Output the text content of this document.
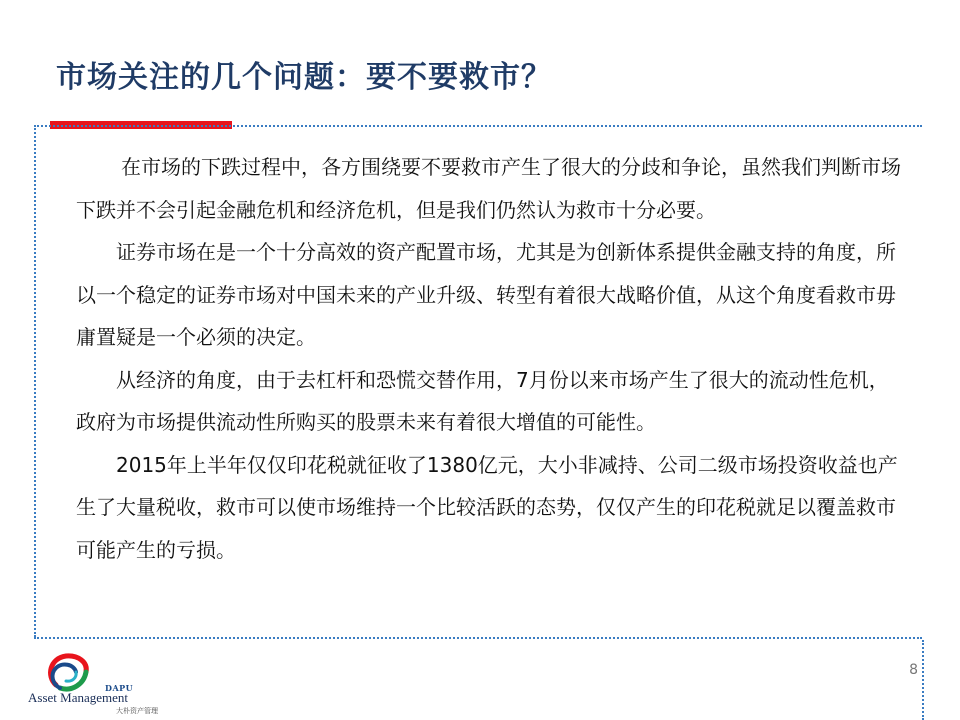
市场关注的几个问题：要不要救市？

在市场的下跌过程中，各方围绕要不要救市产生了很大的分歧和争论，虽然我们判断市场下跌并不会引起金融危机和经济危机，但是我们仍然认为救市十分必要。

证券市场在是一个十分高效的资产配置市场，尤其是为创新体系提供金融支持的角度，所以一个稳定的证券市场对中国未来的产业升级、转型有着很大战略价值，从这个角度看救市毋庸置疑是一个必须的决定。

从经济的角度，由于去杠杆和恐慌交替作用，7月份以来市场产生了很大的流动性危机，政府为市场提供流动性所购买的股票未来有着很大增值的可能性。

2015年上半年仅仅印花税就征收了1380亿元，大小非减持、公司二级市场投资收益也产生了大量税收，救市可以使市场维持一个比较活跃的态势，仅仅产生的印花税就足以覆盖救市可能产生的亏损。

8
DAPU
Asset Management
大朴资产管理
